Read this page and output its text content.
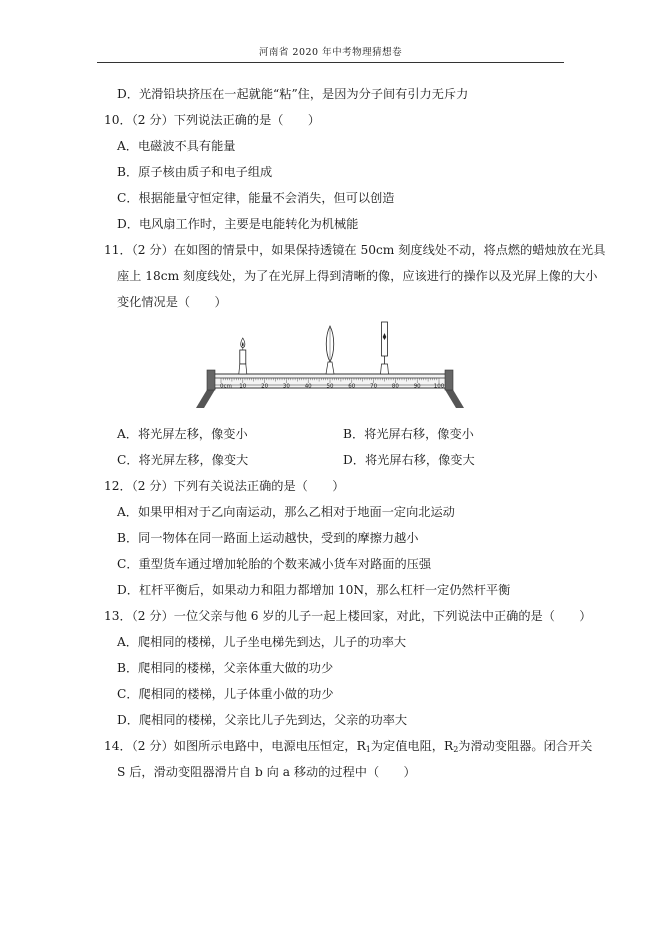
河南省 2020 年中考物理猜想卷
D．光滑铅块挤压在一起就能“粘”住，是因为分子间有引力无斥力
10．（2 分）下列说法正确的是（　　）
A．电磁波不具有能量
B．原子核由质子和电子组成
C．根据能量守恒定律，能量不会消失，但可以创造
D．电风扇工作时，主要是电能转化为机械能
11．（2 分）在如图的情景中，如果保持透镜在 50cm 刻度线处不动，将点燃的蜡烛放在光具
座上 18cm 刻度线处，为了在光屏上得到清晰的像，应该进行的操作以及光屏上像的大小
变化情况是（　　）
0cm 10	20	30	40	50	60	70	80	90 100
A．将光屏左移，像变小	B．将光屏右移，像变小
C．将光屏左移，像变大	D．将光屏右移，像变大
12．（2 分）下列有关说法正确的是（　　）
A．如果甲相对于乙向南运动，那么乙相对于地面一定向北运动
B．同一物体在同一路面上运动越快，受到的摩擦力越小
C．重型货车通过增加轮胎的个数来减小货车对路面的压强
D．杠杆平衡后，如果动力和阻力都增加 10N，那么杠杆一定仍然杆平衡
13．（2 分）一位父亲与他 6 岁的儿子一起上楼回家，对此，下列说法中正确的是（　　）
A．爬相同的楼梯，儿子坐电梯先到达，儿子的功率大
B．爬相同的楼梯，父亲体重大做的功少
C．爬相同的楼梯，儿子体重小做的功少
D．爬相同的楼梯，父亲比儿子先到达，父亲的功率大
14．（2 分）如图所示电路中，电源电压恒定，$R_1$为定值电阻，$R_2$为滑动变阻器。闭合开关
S 后，滑动变阻器滑片自 b 向 a 移动的过程中（　　）
